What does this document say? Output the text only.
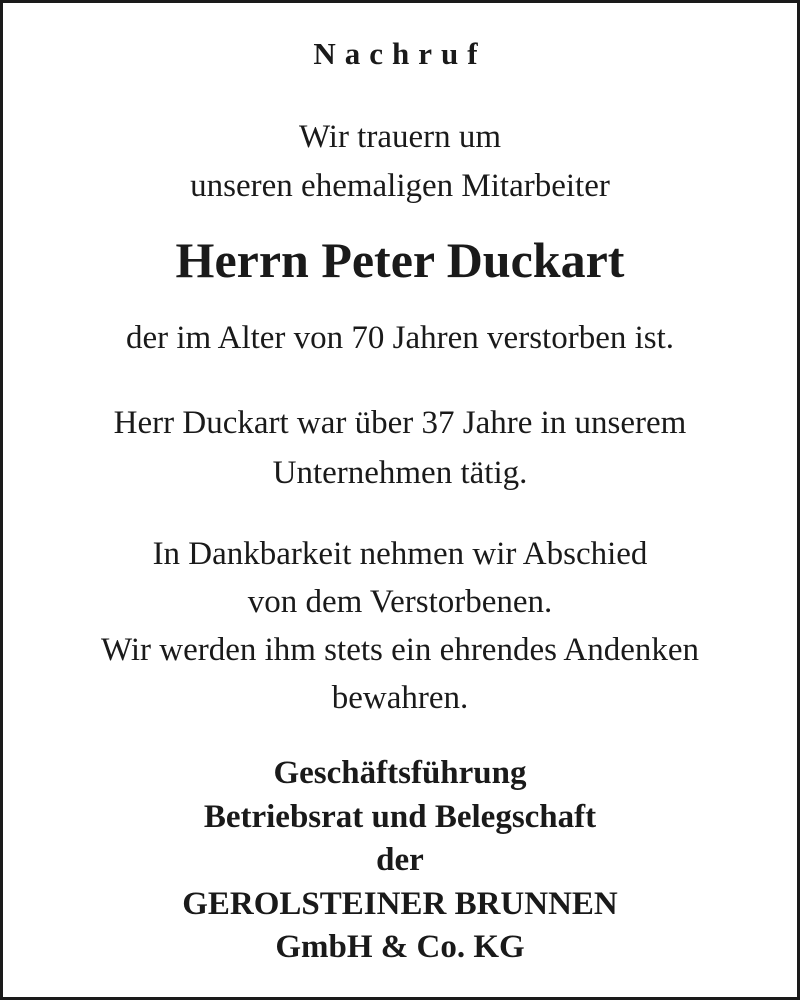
Nachruf
Wir trauern um
unseren ehemaligen Mitarbeiter
Herrn Peter Duckart
der im Alter von 70 Jahren verstorben ist.
Herr Duckart war über 37 Jahre in unserem
Unternehmen tätig.
In Dankbarkeit nehmen wir Abschied
von dem Verstorbenen.
Wir werden ihm stets ein ehrendes Andenken
bewahren.
Geschäftsführung
Betriebsrat und Belegschaft
der
GEROLSTEINER BRUNNEN
GmbH & Co. KG
